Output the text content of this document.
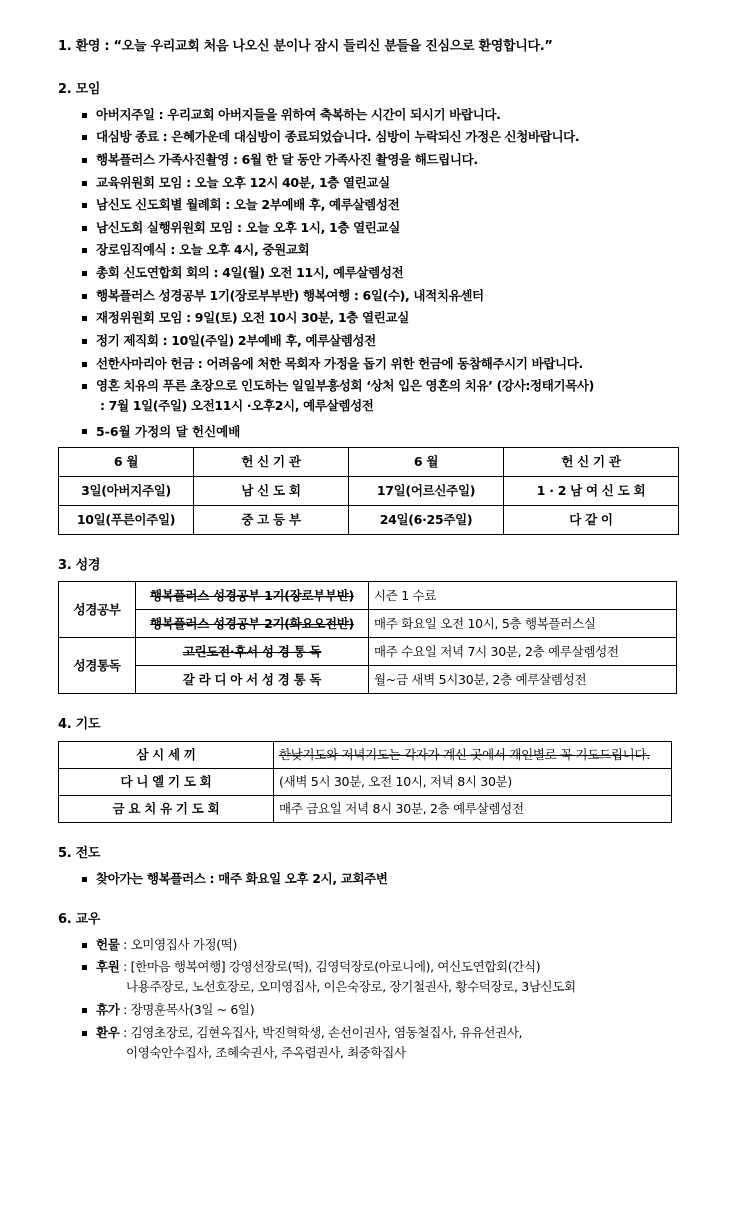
1. 환영 : “오늘 우리교회 처음 나오신 분이나 잠시 들리신 분들을 진심으로 환영합니다.”
2. 모임
아버지주일 : 우리교회 아버지들을 위하여 축복하는 시간이 되시기 바랍니다.
대심방 종료 : 은혜가운데 대심방이 종료되었습니다. 심방이 누락되신 가정은 신청바랍니다.
행복플러스 가족사진촬영 : 6월 한 달 동안 가족사진 촬영을 해드립니다.
교육위원회 모임 : 오늘 오후 12시 40분, 1층 열린교실
남신도 신도회별 월례회 : 오늘 2부예배 후, 예루살렘성전
남신도회 실행위원회 모임 : 오늘 오후 1시, 1층 열린교실
장로임직예식 : 오늘 오후 4시, 중원교회
총회 신도연합회 회의 : 4일(월) 오전 11시, 예루살렘성전
행복플러스 성경공부 1기(장로부부반) 행복여행 : 6일(수), 내적치유센터
재정위원회 모임 : 9일(토) 오전 10시 30분, 1층 열린교실
정기 제직회 : 10일(주일) 2부예배 후, 예루살렘성전
선한사마리아 헌금 : 어려움에 처한 목회자 가정을 돕기 위한 헌금에 동참해주시기 바랍니다.
영혼 치유의 푸른 초장으로 인도하는 일일부흥성회 ‘상처 입은 영혼의 치유’ (강사:정태기목사)
: 7월 1일(주일) 오전11시 ·오후2시, 예루살렘성전
5-6월 가정의 달 헌신예배
6 월	헌 신 기 관	6 월	헌 신 기 관
3일(아버지주일)	남 신 도 회	17일(어르신주일)	1 · 2 남 여 신 도 회
10일(푸른이주일)	중 고 등 부	24일(6·25주일)	다 같 이
3. 성경
성경공부	행복플러스 성경공부 1기(장로부부반)	시즌 1 수료
	행복플러스 성경공부 2기(화요오전반)	매주 화요일 오전 10시, 5층 행복플러스실
성경통독	고린도전·후서 성 경 통 독	매주 수요일 저녁 7시 30분, 2층 예루살렘성전
	갈 라 디 아 서 성 경 통 독	월~금 새벽 5시30분, 2층 예루살렘성전
4. 기도
삼 시 세 끼	한낮기도와 저녁기도는 각자가 계신 곳에서 개인별로 꼭 기도드립니다.
다 니 엘 기 도 회	(새벽 5시 30분, 오전 10시, 저녁 8시 30분)
금 요 치 유 기 도 회	매주 금요일 저녁 8시 30분, 2층 예루살렘성전
5. 전도
찾아가는 행복플러스 : 매주 화요일 오후 2시, 교회주변
6. 교우
헌물 : 오미영집사 가정(떡)
후원 : [한마음 행복여행] 강영선장로(떡), 김영덕장로(아로니에), 여신도연합회(간식)
나용주장로, 노선호장로, 오미영집사, 이은숙장로, 장기철권사, 황수덕장로, 3남신도회
휴가 : 장명훈목사(3일 ~ 6일)
환우 : 김영초장로, 김현옥집사, 박진혁학생, 손선이권사, 염동철집사, 유유선권사,
이영숙안수집사, 조혜숙권사, 주옥렴권사, 최중학집사
